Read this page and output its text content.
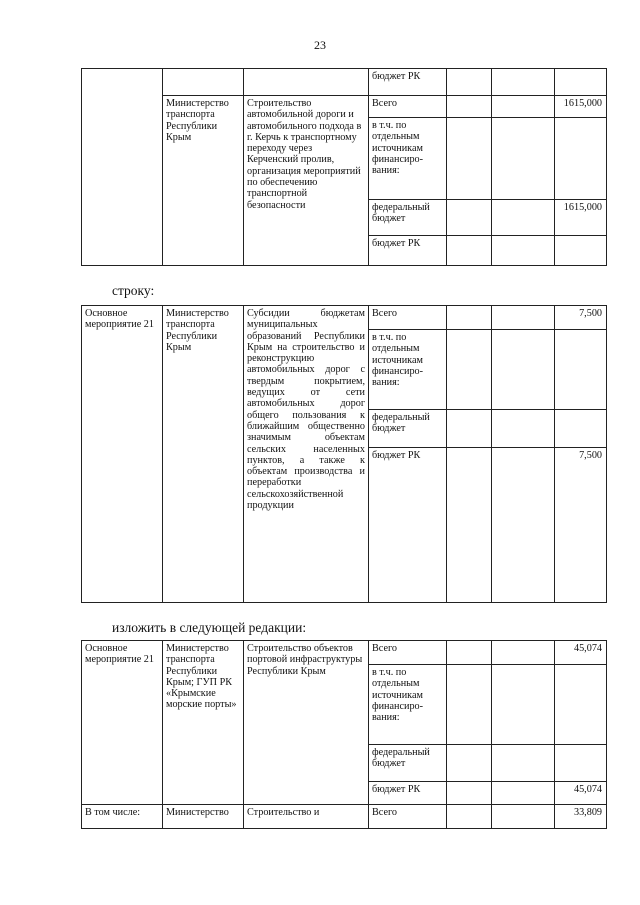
23
			бюджет РК			
	Министерство транспорта Республики Крым	Строительство автомобильной дороги и автомобильного подхода в г. Керчь к транспортному переходу через Керченский пролив, организация мероприятий по обеспечению транспортной безопасности	Всего			1615,000
			в т.ч. по отдельным источникам финансиро-вания:			
			федеральный бюджет			1615,000
			бюджет РК			
строку:
Основное мероприятие 21	Министерство транспорта Республики Крым	Субсидии бюджетам муниципальных образований Республики Крым на строительство и реконструкцию автомобильных дорог с твердым покрытием, ведущих от сети автомобильных дорог общего пользования к ближайшим общественно значимым объектам сельских населенных пунктов, а также к объектам производства и переработки сельскохозяйственной продукции	Всего			7,500
			в т.ч. по отдельным источникам финансиро-вания:			
			федеральный бюджет			
			бюджет РК			7,500
изложить в следующей редакции:
Основное мероприятие 21	Министерство транспорта Республики Крым; ГУП РК «Крымские морские порты»	Строительство объектов портовой инфраструктуры Республики Крым	Всего			45,074
			в т.ч. по отдельным источникам финансиро-вания:			
			федеральный бюджет			
			бюджет РК			45,074
В том числе:	Министерство	Строительство и	Всего			33,809
